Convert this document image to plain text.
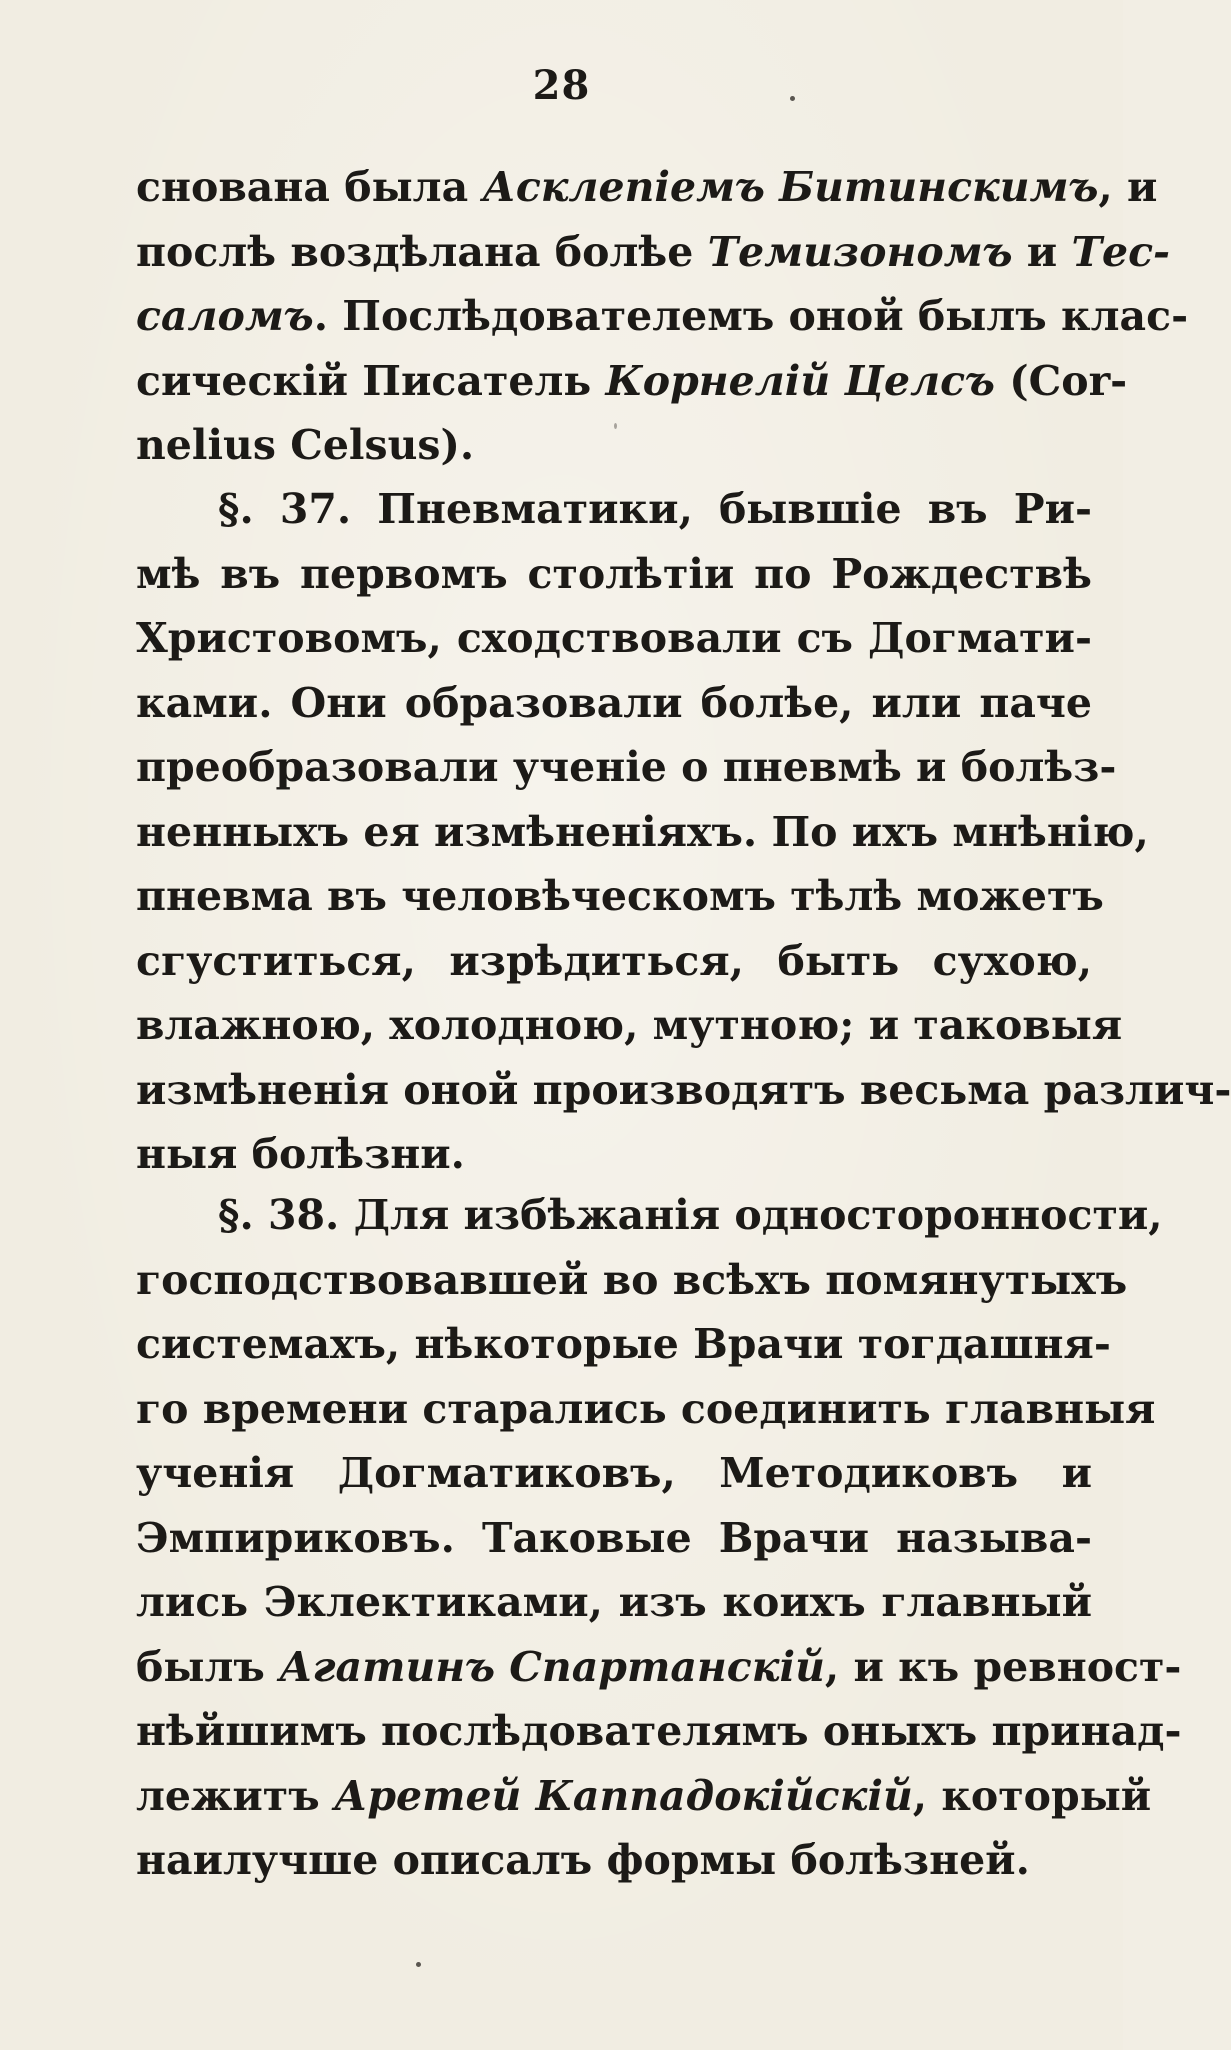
28
снована была Асклепіемъ Битинскимъ, и
послѣ воздѣлана болѣе Темизономъ и Тес-
саломъ. Послѣдователемъ оной былъ клас-
сическій Писатель Корнелій Целсъ (Cor-
nelius Celsus).
§. 37. Пневматики, бывшіе въ Ри-
мѣ въ первомъ столѣтіи по Рождествѣ
Христовомъ, сходствовали съ Догмати-
ками. Они образовали болѣе, или паче
преобразовали ученіе о пневмѣ и болѣз-
ненныхъ ея измѣненіяхъ. По ихъ мнѣнію,
пневма въ человѣческомъ тѣлѣ можетъ
сгуститься, изрѣдиться, быть сухою,
влажною, холодною, мутною; и таковыя
измѣненія оной производятъ весьма различ-
ныя болѣзни.
§. 38. Для избѣжанія односторонности,
господствовавшей во всѣхъ помянутыхъ
системахъ, нѣкоторые Врачи тогдашня-
го времени старались соединить главныя
ученія Догматиковъ, Методиковъ и
Эмпириковъ. Таковые Врачи называ-
лись Эклектиками, изъ коихъ главный
былъ Агатинъ Спартанскій, и къ ревност-
нѣйшимъ послѣдователямъ оныхъ принад-
лежитъ Аретей Каппадокійскій, который
наилучше описалъ формы болѣзней.
